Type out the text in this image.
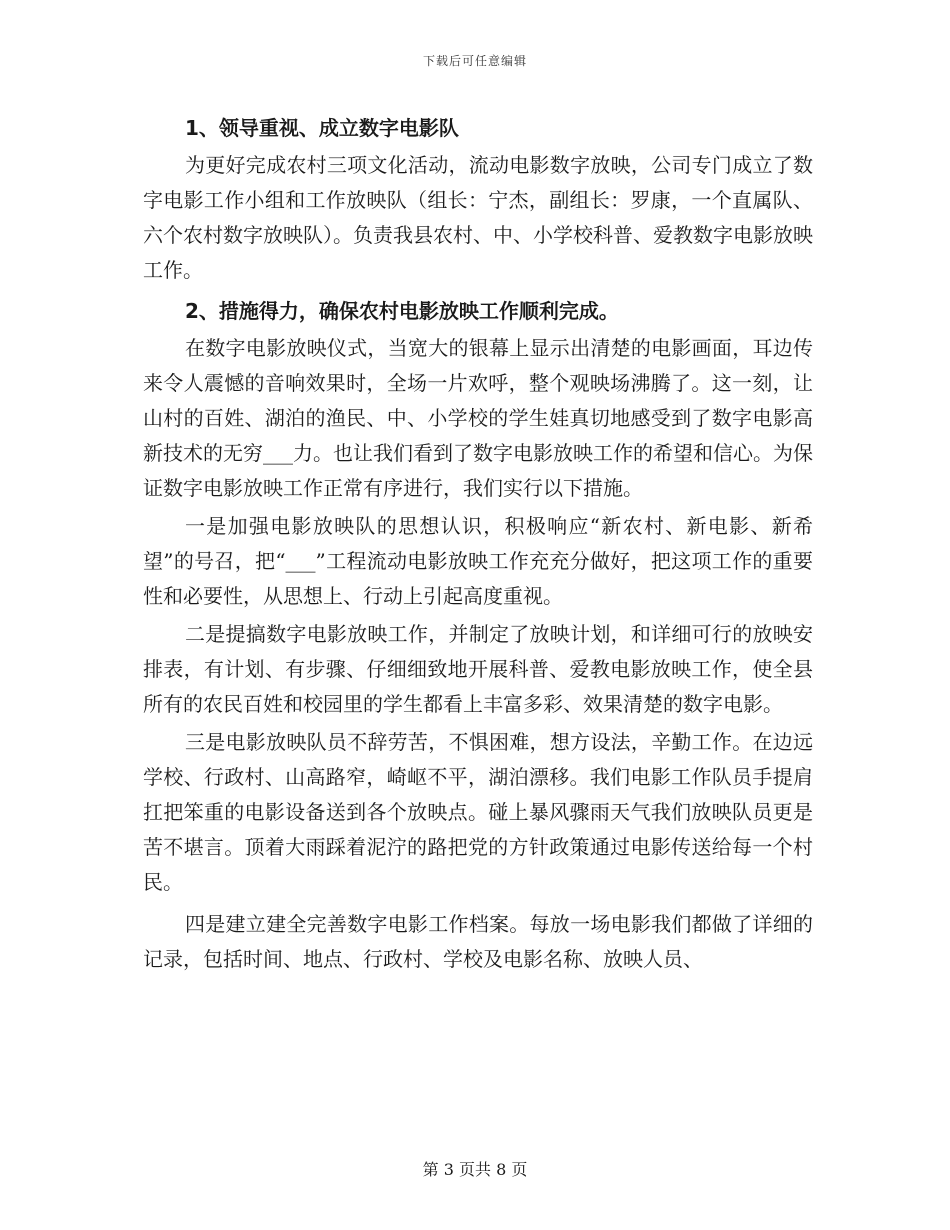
下载后可任意编辑
1、领导重视、成立数字电影队

为更好完成农村三项文化活动，流动电影数字放映，公司专门成立了数字电影工作小组和工作放映队（组长：宁杰，副组长：罗康，一个直属队、六个农村数字放映队）。负责我县农村、中、小学校科普、爱教数字电影放映工作。

2、措施得力，确保农村电影放映工作顺利完成。

在数字电影放映仪式，当宽大的银幕上显示出清楚的电影画面，耳边传来令人震憾的音响效果时，全场一片欢呼，整个观映场沸腾了。这一刻，让山村的百姓、湖泊的渔民、中、小学校的学生娃真切地感受到了数字电影高新技术的无穷___力。也让我们看到了数字电影放映工作的希望和信心。为保证数字电影放映工作正常有序进行，我们实行以下措施。

一是加强电影放映队的思想认识，积极响应“新农村、新电影、新希望”的号召，把“___”工程流动电影放映工作充充分做好，把这项工作的重要性和必要性，从思想上、行动上引起高度重视。

二是提搞数字电影放映工作，并制定了放映计划，和详细可行的放映安排表，有计划、有步骤、仔细细致地开展科普、爱教电影放映工作，使全县所有的农民百姓和校园里的学生都看上丰富多彩、效果清楚的数字电影。

三是电影放映队员不辞劳苦，不惧困难，想方设法，辛勤工作。在边远学校、行政村、山高路窄，崎岖不平，湖泊漂移。我们电影工作队员手提肩扛把笨重的电影设备送到各个放映点。碰上暴风骤雨天气我们放映队员更是苦不堪言。顶着大雨踩着泥泞的路把党的方针政策通过电影传送给每一个村民。

四是建立建全完善数字电影工作档案。每放一场电影我们都做了详细的记录，包括时间、地点、行政村、学校及电影名称、放映人员、

第 3 页共 8 页
